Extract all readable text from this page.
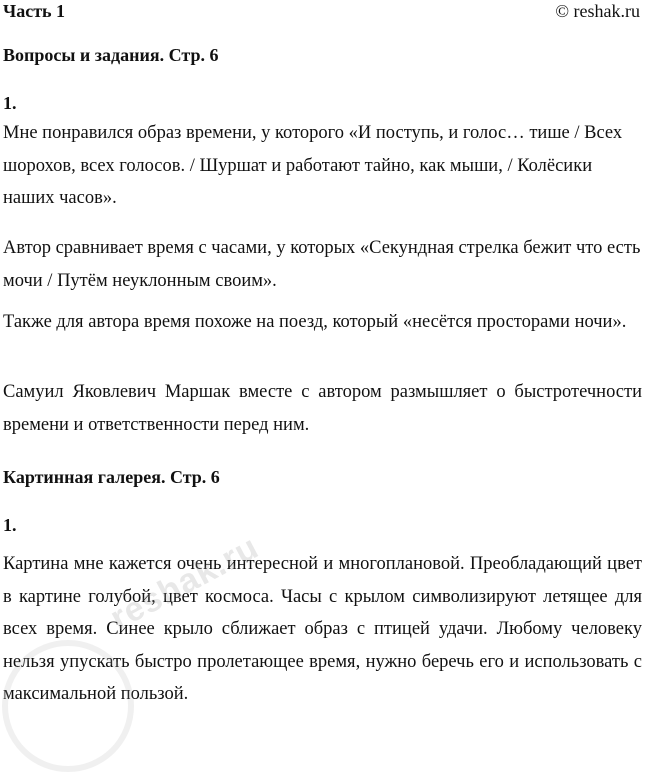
Часть 1	© reshak.ru
Вопросы и задания. Стр. 6
1.

Мне понравился образ времени, у которого «И поступь, и голос… тише / Всех шорохов, всех голосов. / Шуршат и работают тайно, как мыши, / Колёсики наших часов».

Автор сравнивает время с часами, у которых «Секундная стрелка бежит что есть мочи / Путём неуклонным своим».

Также для автора время похоже на поезд, который «несётся просторами ночи».

Самуил Яковлевич Маршак вместе с автором размышляет о быстротечности времени и ответственности перед ним.

Картинная галерея. Стр. 6
1.

Картина мне кажется очень интересной и многоплановой. Преобладающий цвет в картине голубой, цвет космоса. Часы с крылом символизируют летящее для всех время. Синее крыло сближает образ с птицей удачи. Любому человеку нельзя упускать быстро пролетающее время, нужно беречь его и использовать с максимальной пользой.

reshak.ru
